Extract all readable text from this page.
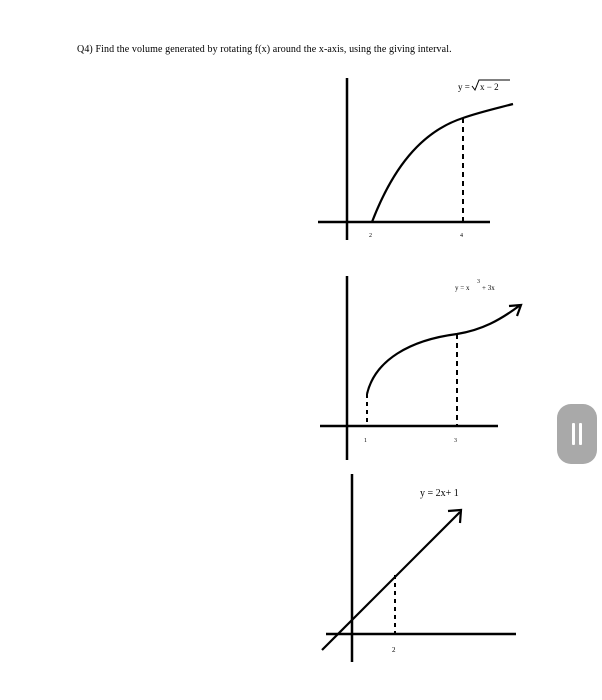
Q4) Find the volume generated by rotating f(x) around the x-axis, using the giving interval.
y = x − 2
2	4
y = x
3
+ 3x
1	3
y = 2x+ 1
2
